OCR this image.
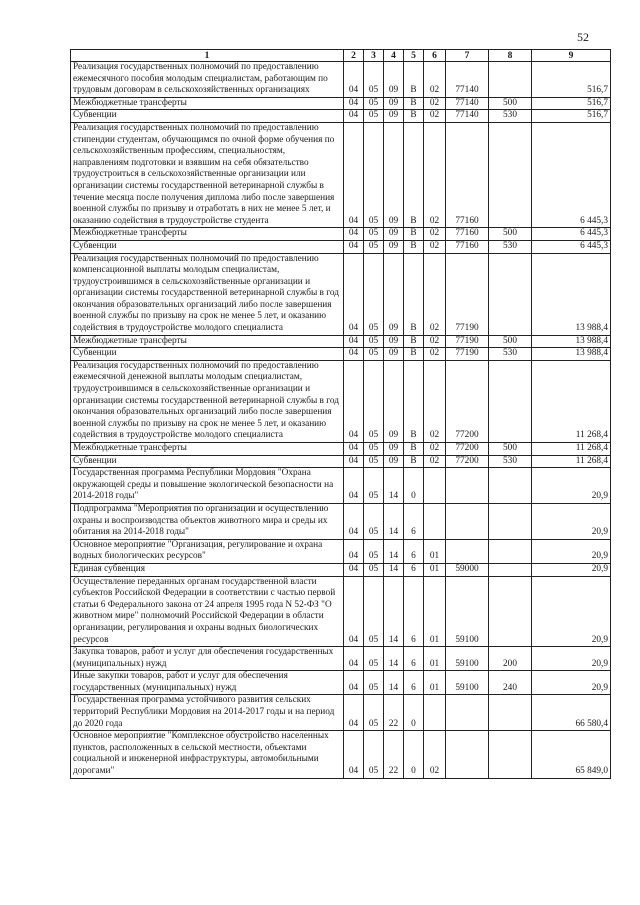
52
1	2	3	4	5	6	7	8	9
Реализация государственных полномочий по предоставлению ежемесячного пособия молодым специалистам, работающим по трудовым договорам в сельскохозяйственных организациях	04	05	09	В	02	77140		516,7
Межбюджетные трансферты	04	05	09	В	02	77140	500	516,7
Субвенции	04	05	09	В	02	77140	530	516,7
Реализация государственных полномочий по предоставлению стипендии студентам, обучающимся по очной форме обучения по сельскохозяйственным профессиям, специальностям, направлениям подготовки и взявшим на себя обязательство трудоустроиться в сельскохозяйственные организации или организации системы государственной ветеринарной службы в течение месяца после получения диплома либо после завершения военной службы по призыву и отработать в них не менее 5 лет, и оказанию содействия в трудоустройстве студента	04	05	09	В	02	77160		6 445,3
Межбюджетные трансферты	04	05	09	В	02	77160	500	6 445,3
Субвенции	04	05	09	В	02	77160	530	6 445,3
Реализация государственных полномочий по предоставлению компенсационной выплаты молодым специалистам, трудоустроившимся в сельскохозяйственные организации и организации системы государственной ветеринарной службы в год окончания образовательных организаций либо после завершения военной службы по призыву на срок не менее 5 лет, и оказанию содействия в трудоустройстве молодого специалиста	04	05	09	В	02	77190		13 988,4
Межбюджетные трансферты	04	05	09	В	02	77190	500	13 988,4
Субвенции	04	05	09	В	02	77190	530	13 988,4
Реализация государственных полномочий по предоставлению ежемесячной денежной выплаты молодым специалистам, трудоустроившимся в сельскохозяйственные организации и организации системы государственной ветеринарной службы в год окончания образовательных организаций либо после завершения военной службы по призыву на срок не менее 5 лет, и оказанию содействия в трудоустройстве молодого специалиста	04	05	09	В	02	77200		11 268,4
Межбюджетные трансферты	04	05	09	В	02	77200	500	11 268,4
Субвенции	04	05	09	В	02	77200	530	11 268,4
Государственная программа Республики Мордовия "Охрана окружающей среды и повышение экологической безопасности на 2014-2018 годы"	04	05	14	0				20,9
Подпрограмма "Мероприятия по организации и осуществлению охраны и воспроизводства объектов животного мира и среды их обитания на 2014-2018 годы"	04	05	14	6				20,9
Основное мероприятие "Организация, регулирование и охрана водных биологических ресурсов"	04	05	14	6	01			20,9
Единая субвенция	04	05	14	6	01	59000		20,9
Осуществление переданных органам государственной власти субъектов Российской Федерации в соответствии с частью первой статьи 6 Федерального закона от 24 апреля 1995 года N 52-ФЗ "О животном мире" полномочий Российской Федерации в области организации, регулирования и охраны водных биологических ресурсов	04	05	14	6	01	59100		20,9
Закупка товаров, работ и услуг для обеспечения государственных (муниципальных) нужд	04	05	14	6	01	59100	200	20,9
Иные закупки товаров, работ и услуг для обеспечения государственных (муниципальных) нужд	04	05	14	6	01	59100	240	20,9
Государственная программа устойчивого развития сельских территорий Республики Мордовия на 2014-2017 годы и на период до 2020 года	04	05	22	0				66 580,4
Основное мероприятие "Комплексное обустройство населенных пунктов, расположенных в сельской местности, объектами социальной и инженерной инфраструктуры, автомобильными дорогами"	04	05	22	0	02			65 849,0
